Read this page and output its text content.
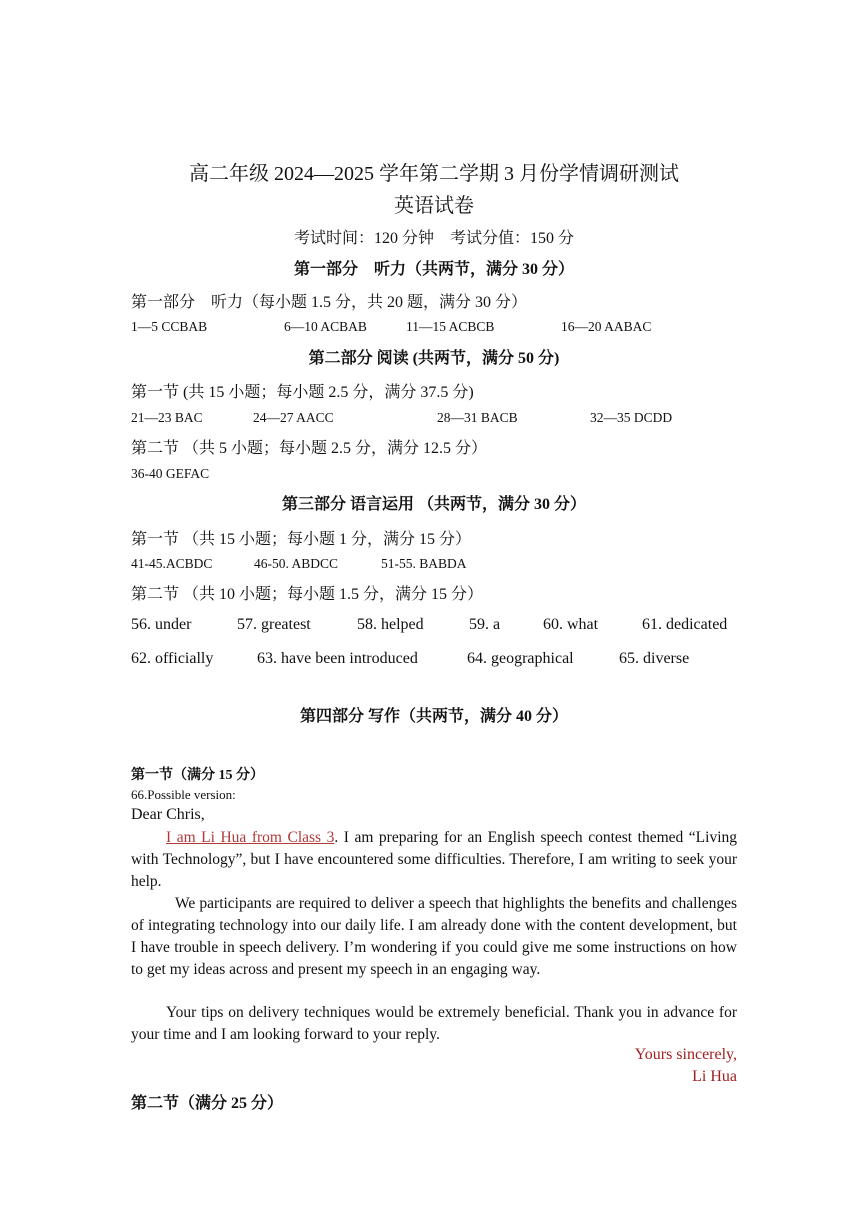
高二年级 2024—2025 学年第二学期 3 月份学情调研测试
英语试卷
考试时间：120 分钟　考试分值：150 分
第一部分　听力（共两节，满分 30 分）
第一部分　听力（每小题 1.5 分，共 20 题，满分 30 分）
1—5 CCBAB	6—10 ACBAB	11—15 ACBCB	16—20 AABAC
第二部分 阅读 (共两节，满分 50 分)
第一节 (共 15 小题；每小题 2.5 分，满分 37.5 分)
21—23 BAC	24—27 AACC	28—31 BACB	32—35 DCDD
第二节 （共 5 小题；每小题 2.5 分，满分 12.5 分）
36-40 GEFAC
第三部分 语言运用 （共两节，满分 30 分）
第一节 （共 15 小题；每小题 1 分，满分 15 分）
41-45.ACBDC	46-50. ABDCC	51-55. BABDA
第二节 （共 10 小题；每小题 1.5 分，满分 15 分）
56. under	57. greatest	58. helped	59. a	60. what	61. dedicated
62. officially	63. have been introduced	64. geographical	65. diverse
第四部分 写作（共两节，满分 40 分）
第一节（满分 15 分）
66.Possible version:
Dear Chris,
I am Li Hua from Class 3. I am preparing for an English speech contest themed “Living with Technology”, but I have encountered some difficulties. Therefore, I am writing to seek your help.
We participants are required to deliver a speech that highlights the benefits and challenges of integrating technology into our daily life. I am already done with the content development, but I have trouble in speech delivery. I’m wondering if you could give me some instructions on how to get my ideas across and present my speech in an engaging way.
Your tips on delivery techniques would be extremely beneficial. Thank you in advance for your time and I am looking forward to your reply.
Yours sincerely,
Li Hua
第二节（满分 25 分）
